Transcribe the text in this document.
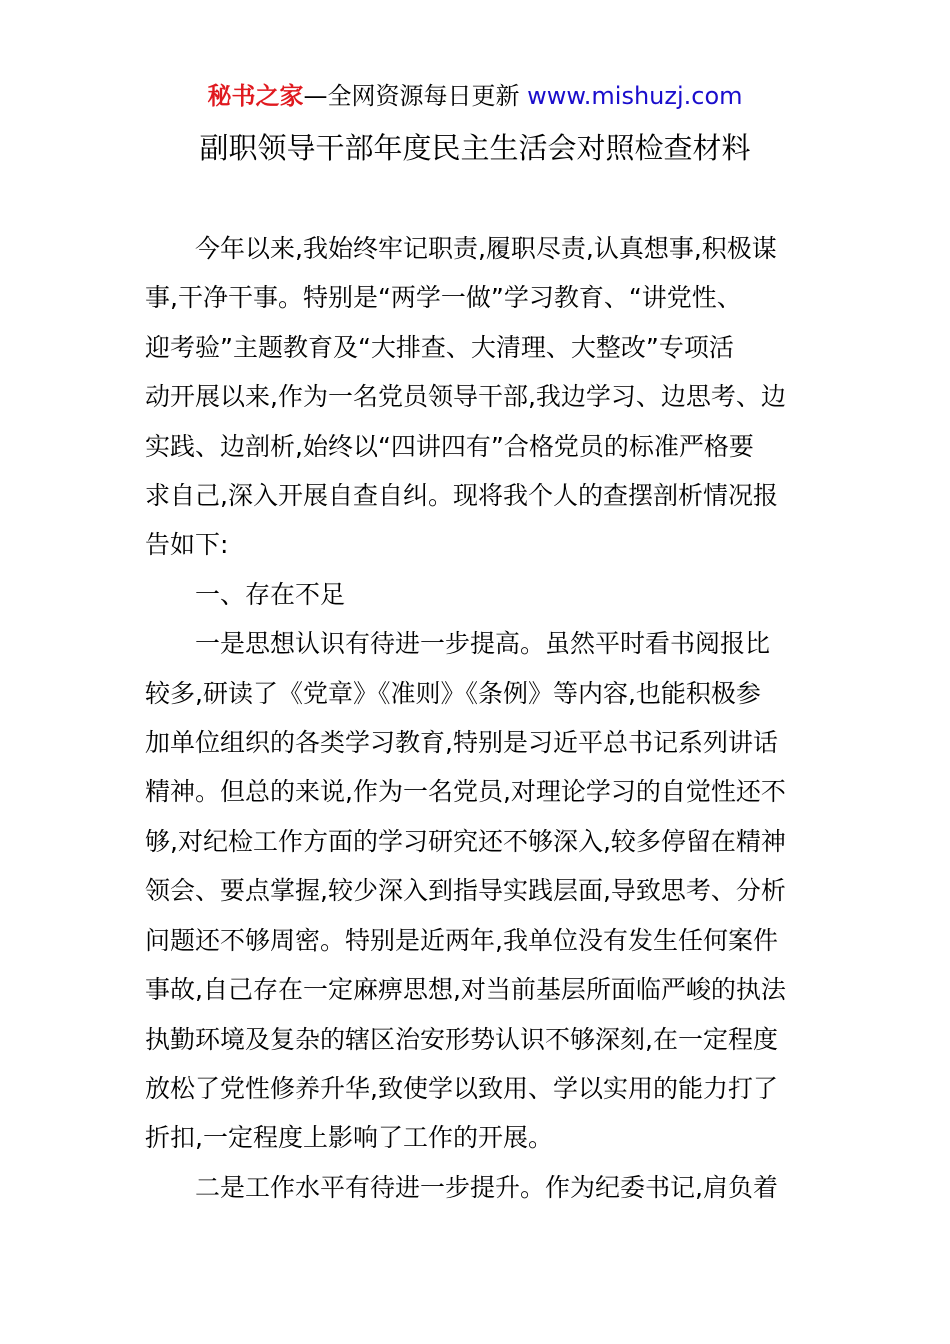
秘书之家—全网资源每日更新 www.mishuzj.com
副职领导干部年度民主生活会对照检查材料
今年以来,我始终牢记职责,履职尽责,认真想事,积极谋
事,干净干事。特别是“两学一做”学习教育、“讲党性、
迎考验”主题教育及“大排查、大清理、大整改”专项活
动开展以来,作为一名党员领导干部,我边学习、边思考、边
实践、边剖析,始终以“四讲四有”合格党员的标准严格要
求自己,深入开展自查自纠。现将我个人的查摆剖析情况报
告如下:
一、存在不足
一是思想认识有待进一步提高。虽然平时看书阅报比
较多,研读了《党章》《准则》《条例》等内容,也能积极参
加单位组织的各类学习教育,特别是习近平总书记系列讲话
精神。但总的来说,作为一名党员,对理论学习的自觉性还不
够,对纪检工作方面的学习研究还不够深入,较多停留在精神
领会、要点掌握,较少深入到指导实践层面,导致思考、分析
问题还不够周密。特别是近两年,我单位没有发生任何案件
事故,自己存在一定麻痹思想,对当前基层所面临严峻的执法
执勤环境及复杂的辖区治安形势认识不够深刻,在一定程度
放松了党性修养升华,致使学以致用、学以实用的能力打了
折扣,一定程度上影响了工作的开展。
二是工作水平有待进一步提升。作为纪委书记,肩负着
